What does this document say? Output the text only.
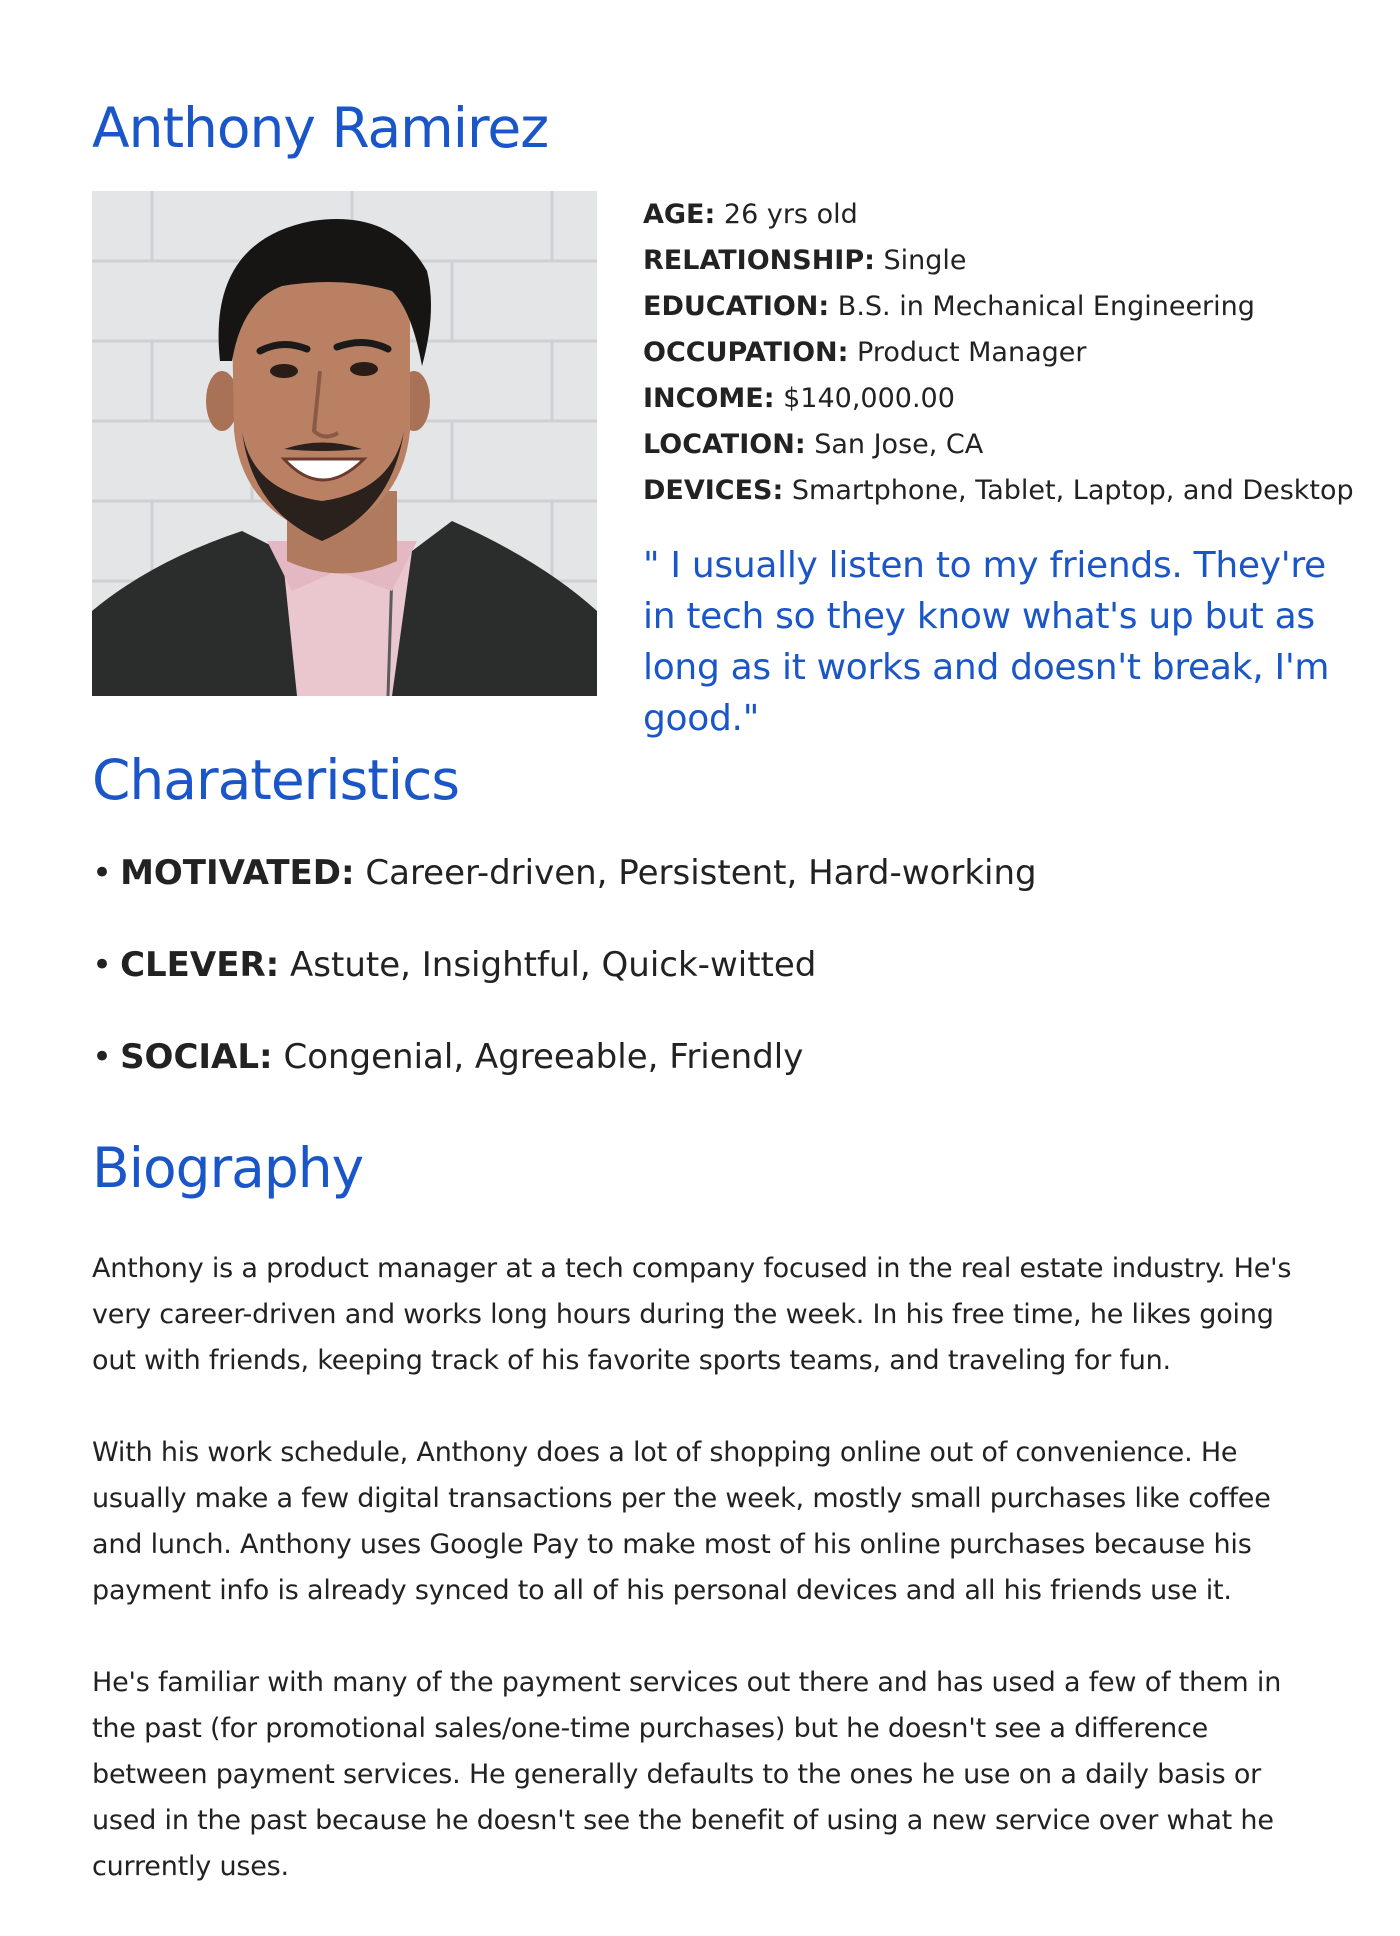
Anthony Ramirez
AGE: 26 yrs old
RELATIONSHIP: Single
EDUCATION: B.S. in Mechanical Engineering
OCCUPATION: Product Manager
INCOME: $140,000.00
LOCATION: San Jose, CA
DEVICES: Smartphone, Tablet, Laptop, and Desktop

" I usually listen to my friends. They're in tech so they know what's up but as long as it works and doesn't break, I'm good."

Charateristics
• MOTIVATED: Career-driven, Persistent, Hard-working
• CLEVER: Astute, Insightful, Quick-witted
• SOCIAL: Congenial, Agreeable, Friendly
Biography

Anthony is a product manager at a tech company focused in the real estate industry. He's very career-driven and works long hours during the week. In his free time, he likes going out with friends, keeping track of his favorite sports teams, and traveling for fun.

With his work schedule, Anthony does a lot of shopping online out of convenience. He usually make a few digital transactions per the week, mostly small purchases like coffee and lunch. Anthony uses Google Pay to make most of his online purchases because his payment info is already synced to all of his personal devices and all his friends use it.

He's familiar with many of the payment services out there and has used a few of them in the past (for promotional sales/one-time purchases) but he doesn't see a difference between payment services. He generally defaults to the ones he use on a daily basis or used in the past because he doesn't see the benefit of using a new service over what he currently uses.
